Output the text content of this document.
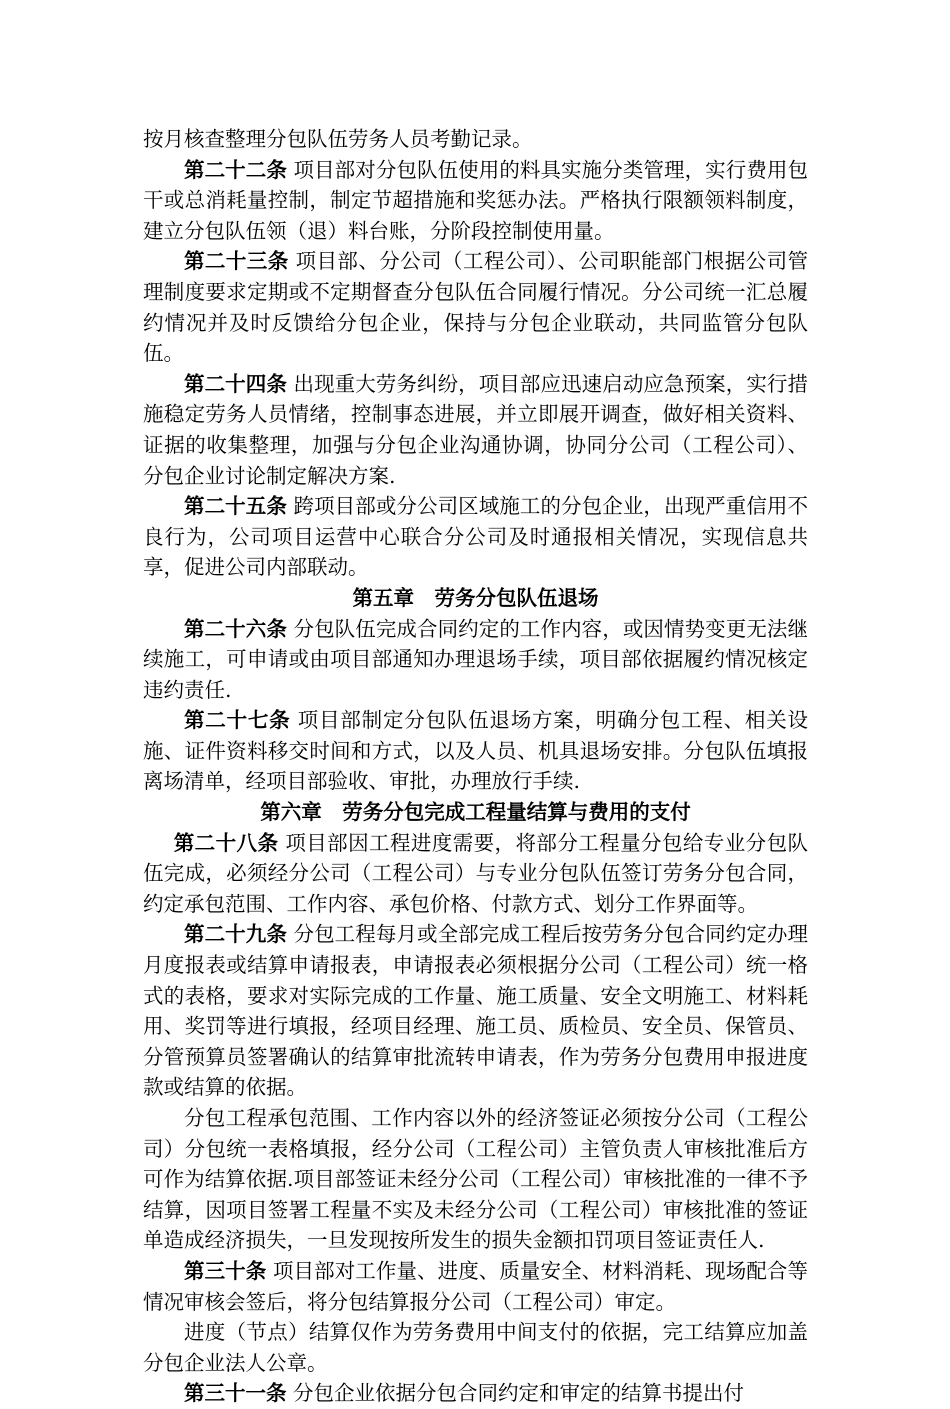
按月核查整理分包队伍劳务人员考勤记录。

第二十二条 项目部对分包队伍使用的料具实施分类管理，实行费用包干或总消耗量控制，制定节超措施和奖惩办法。严格执行限额领料制度，建立分包队伍领（退）料台账，分阶段控制使用量。

第二十三条 项目部、分公司（工程公司）、公司职能部门根据公司管理制度要求定期或不定期督查分包队伍合同履行情况。分公司统一汇总履约情况并及时反馈给分包企业，保持与分包企业联动，共同监管分包队伍。

第二十四条 出现重大劳务纠纷，项目部应迅速启动应急预案，实行措施稳定劳务人员情绪，控制事态进展，并立即展开调查，做好相关资料、证据的收集整理，加强与分包企业沟通协调，协同分公司（工程公司）、分包企业讨论制定解决方案.

第二十五条 跨项目部或分公司区域施工的分包企业，出现严重信用不良行为，公司项目运营中心联合分公司及时通报相关情况，实现信息共享，促进公司内部联动。

第五章　劳务分包队伍退场

第二十六条 分包队伍完成合同约定的工作内容，或因情势变更无法继续施工，可申请或由项目部通知办理退场手续，项目部依据履约情况核定违约责任.

第二十七条 项目部制定分包队伍退场方案，明确分包工程、相关设施、证件资料移交时间和方式，以及人员、机具退场安排。分包队伍填报离场清单，经项目部验收、审批，办理放行手续.

第六章　劳务分包完成工程量结算与费用的支付

第二十八条 项目部因工程进度需要，将部分工程量分包给专业分包队伍完成，必须经分公司（工程公司）与专业分包队伍签订劳务分包合同，约定承包范围、工作内容、承包价格、付款方式、划分工作界面等。

第二十九条 分包工程每月或全部完成工程后按劳务分包合同约定办理月度报表或结算申请报表，申请报表必须根据分公司（工程公司）统一格式的表格，要求对实际完成的工作量、施工质量、安全文明施工、材料耗用、奖罚等进行填报，经项目经理、施工员、质检员、安全员、保管员、分管预算员签署确认的结算审批流转申请表，作为劳务分包费用申报进度款或结算的依据。

分包工程承包范围、工作内容以外的经济签证必须按分公司（工程公司）分包统一表格填报，经分公司（工程公司）主管负责人审核批准后方可作为结算依据.项目部签证未经分公司（工程公司）审核批准的一律不予结算，因项目签署工程量不实及未经分公司（工程公司）审核批准的签证单造成经济损失，一旦发现按所发生的损失金额扣罚项目签证责任人.

第三十条 项目部对工作量、进度、质量安全、材料消耗、现场配合等情况审核会签后，将分包结算报分公司（工程公司）审定。

进度（节点）结算仅作为劳务费用中间支付的依据，完工结算应加盖分包企业法人公章。

第三十一条 分包企业依据分包合同约定和审定的结算书提出付
